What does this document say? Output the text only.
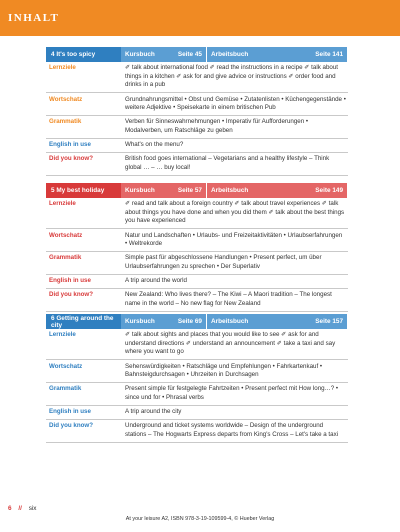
INHALT
4 It's too spicy	Kursbuch	Seite 45 Arbeitsbuch	Seite 141
Lernziele	✐ talk about international food ✐ read the instructions in a recipe ✐ talk about things in a kitchen ✐ ask for and give advice or instructions ✐ order food and drinks in a pub
Wortschatz	Grundnahrungsmittel • Obst und Gemüse • Zutatenlisten • Küchengegenstände • weitere Adjektive • Speisekarte in einem britischen Pub
Grammatik	Verben für Sinneswahrnehmungen • Imperativ für Aufforderungen • Modalverben, um Ratschläge zu geben
English in use	What's on the menu?
Did you know?	British food goes international – Vegetarians and a healthy lifestyle – Think global … – … buy local!
5 My best holiday	Kursbuch	Seite 57 Arbeitsbuch	Seite 149
Lernziele	✐ read and talk about a foreign country ✐ talk about travel experiences ✐ talk about things you have done and when you did them ✐ talk about the best things you have experienced
Wortschatz	Natur und Landschaften • Urlaubs- und Freizeitaktivitäten • Urlaubserfahrungen • Weltrekorde
Grammatik	Simple past für abgeschlossene Handlungen • Present perfect, um über Urlaubserfahrungen zu sprechen • Der Superlativ
English in use	A trip around the world
Did you know?	New Zealand: Who lives there? – The Kiwi – A Maori tradition – The longest name in the world – No new flag for New Zealand
6 Getting around the city	Kursbuch	Seite 69 Arbeitsbuch	Seite 157
Lernziele	✐ talk about sights and places that you would like to see ✐ ask for and understand directions ✐ understand an announcement ✐ take a taxi and say where you want to go
Wortschatz	Sehenswürdigkeiten • Ratschläge und Empfehlungen • Fahrkartenkauf • Bahnsteigdurchsagen • Uhrzeiten in Durchsagen
Grammatik	Present simple für festgelegte Fahrtzeiten • Present perfect mit How long…? • since und for • Phrasal verbs
English in use	A trip around the city
Did you know?	Underground and ticket systems worldwide – Design of the underground stations – The Hogwarts Express departs from King's Cross – Let's take a taxi
6 // six
At your leisure A2, ISBN 978-3-19-109599-4, © Hueber Verlag
